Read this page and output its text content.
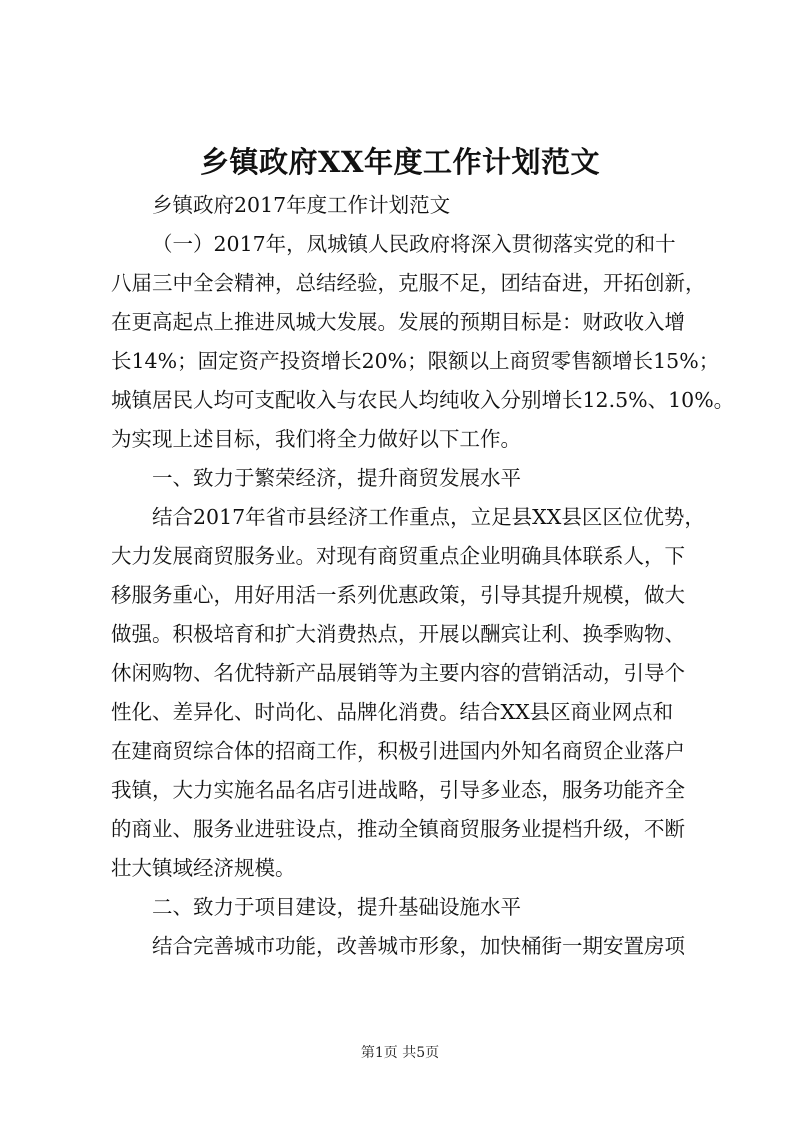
乡镇政府XX年度工作计划范文
乡镇政府2017年度工作计划范文
（一）2017年，凤城镇人民政府将深入贯彻落实党的和十
八届三中全会精神，总结经验，克服不足，团结奋进，开拓创新，
在更高起点上推进凤城大发展。发展的预期目标是：财政收入增
长14%；固定资产投资增长20%；限额以上商贸零售额增长15%；
城镇居民人均可支配收入与农民人均纯收入分别增长12.5%、10%。
为实现上述目标，我们将全力做好以下工作。
一、致力于繁荣经济，提升商贸发展水平
结合2017年省市县经济工作重点，立足县XX县区区位优势，
大力发展商贸服务业。对现有商贸重点企业明确具体联系人，下
移服务重心，用好用活一系列优惠政策，引导其提升规模，做大
做强。积极培育和扩大消费热点，开展以酬宾让利、换季购物、
休闲购物、名优特新产品展销等为主要内容的营销活动，引导个
性化、差异化、时尚化、品牌化消费。结合XX县区商业网点和
在建商贸综合体的招商工作，积极引进国内外知名商贸企业落户
我镇，大力实施名品名店引进战略，引导多业态，服务功能齐全
的商业、服务业进驻设点，推动全镇商贸服务业提档升级，不断
壮大镇域经济规模。
二、致力于项目建设，提升基础设施水平
结合完善城市功能，改善城市形象，加快桶街一期安置房项
第1页 共5页
